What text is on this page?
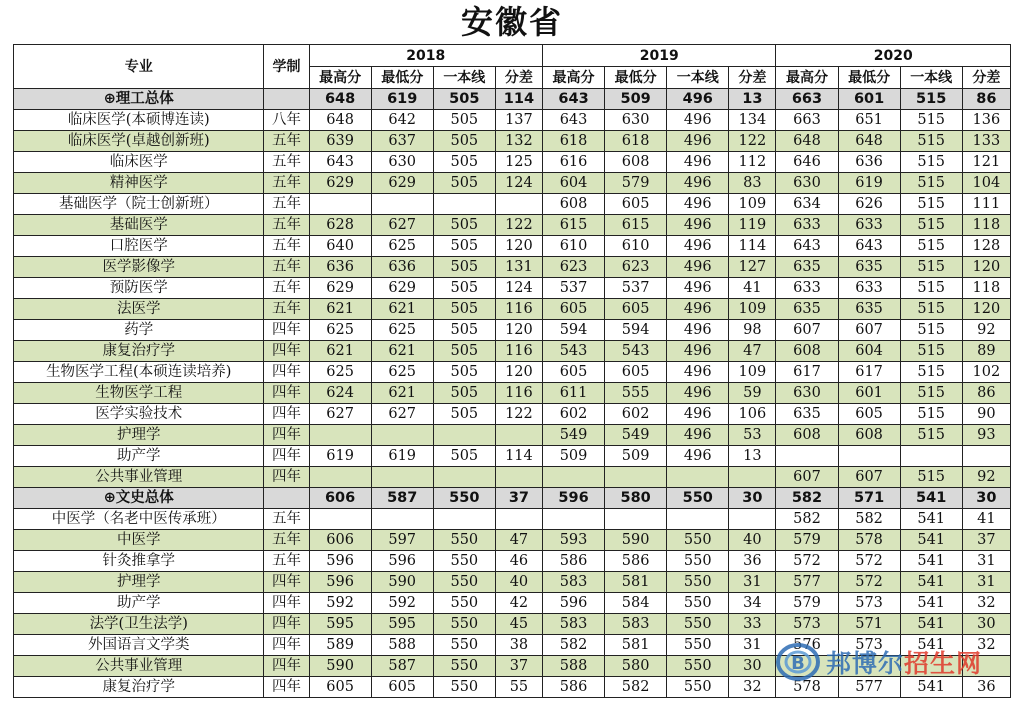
安徽省
专业	学制	2018				2019				2020			
		最高分	最低分	一本线	分差	最高分	最低分	一本线	分差	最高分	最低分	一本线	分差
⊕理工总体		648	619	505	114	643	509	496	13	663	601	515	86
临床医学(本硕博连读)	八年	648	642	505	137	643	630	496	134	663	651	515	136
临床医学(卓越创新班)	五年	639	637	505	132	618	618	496	122	648	648	515	133
临床医学	五年	643	630	505	125	616	608	496	112	646	636	515	121
精神医学	五年	629	629	505	124	604	579	496	83	630	619	515	104
基础医学（院士创新班）	五年					608	605	496	109	634	626	515	111
基础医学	五年	628	627	505	122	615	615	496	119	633	633	515	118
口腔医学	五年	640	625	505	120	610	610	496	114	643	643	515	128
医学影像学	五年	636	636	505	131	623	623	496	127	635	635	515	120
预防医学	五年	629	629	505	124	537	537	496	41	633	633	515	118
法医学	五年	621	621	505	116	605	605	496	109	635	635	515	120
药学	四年	625	625	505	120	594	594	496	98	607	607	515	92
康复治疗学	四年	621	621	505	116	543	543	496	47	608	604	515	89
生物医学工程(本硕连读培养)	四年	625	625	505	120	605	605	496	109	617	617	515	102
生物医学工程	四年	624	621	505	116	611	555	496	59	630	601	515	86
医学实验技术	四年	627	627	505	122	602	602	496	106	635	605	515	90
护理学	四年					549	549	496	53	608	608	515	93
助产学	四年	619	619	505	114	509	509	496	13				
公共事业管理	四年									607	607	515	92
⊕文史总体		606	587	550	37	596	580	550	30	582	571	541	30
中医学（名老中医传承班）	五年									582	582	541	41
中医学	五年	606	597	550	47	593	590	550	40	579	578	541	37
针灸推拿学	五年	596	596	550	46	586	586	550	36	572	572	541	31
护理学	四年	596	590	550	40	583	581	550	31	577	572	541	31
助产学	四年	592	592	550	42	596	584	550	34	579	573	541	32
法学(卫生法学)	四年	595	595	550	45	583	583	550	33	573	571	541	30
外国语言文学类	四年	589	588	550	38	582	581	550	31	576	573	541	32
公共事业管理	四年	590	587	550	37	588	580	550	30				
康复治疗学	四年	605	605	550	55	586	582	550	32	578	577	541	36
B 邦博尔招生网
